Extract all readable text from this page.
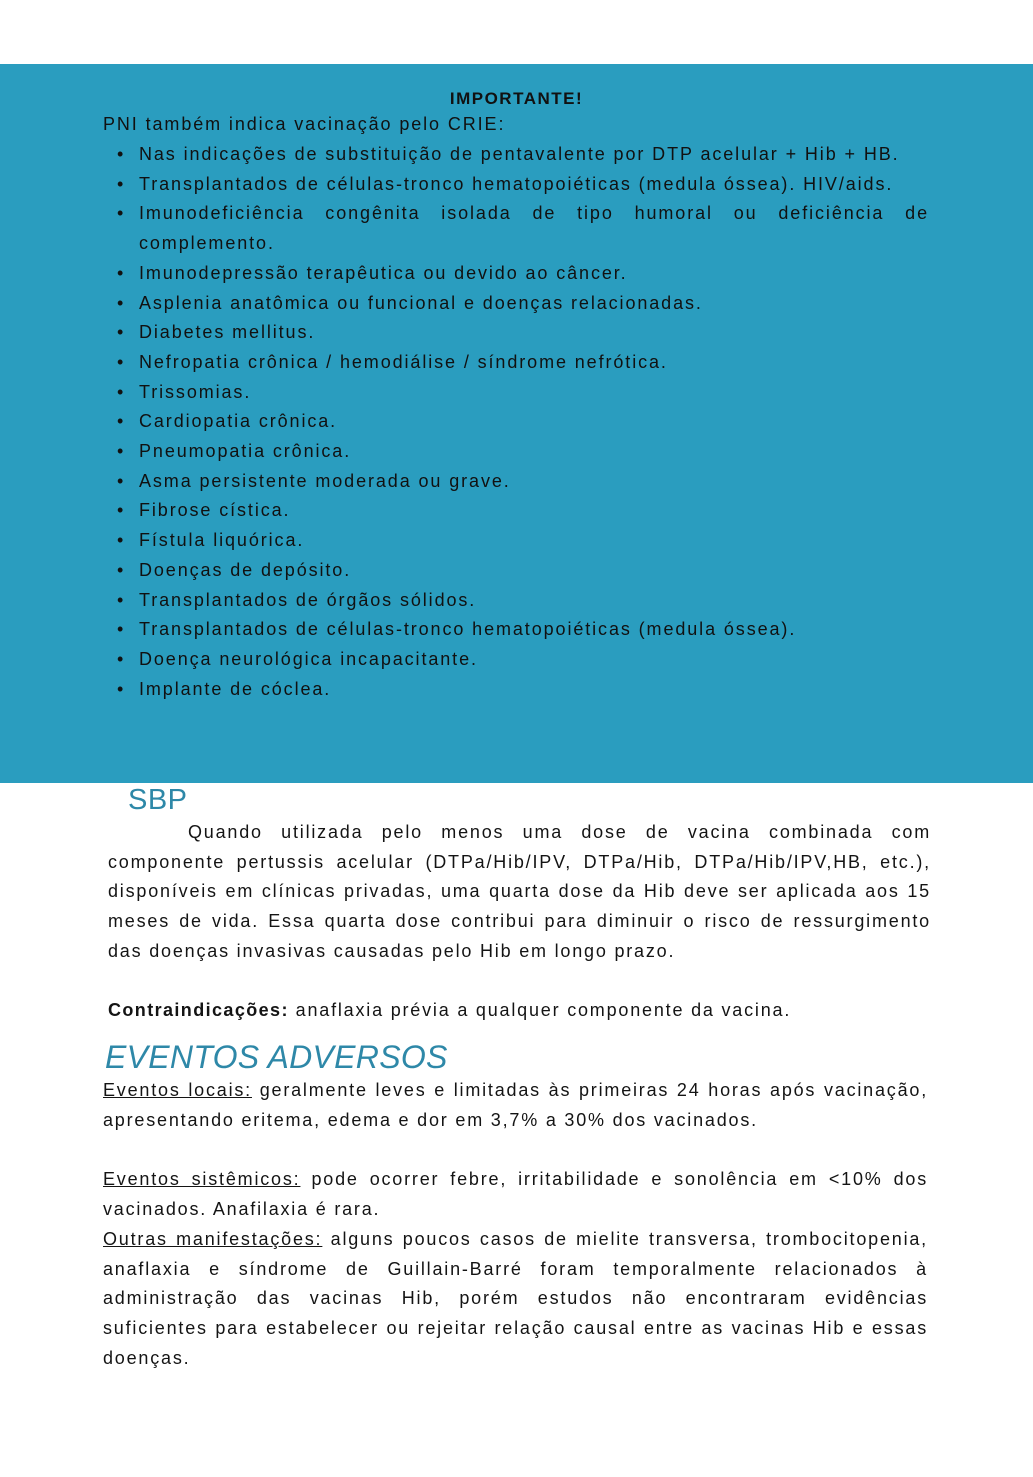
IMPORTANTE!
PNI também indica vacinação pelo CRIE:
• Nas indicações de substituição de pentavalente por DTP acelular + Hib + HB.
• Transplantados de células-tronco hematopoiéticas (medula óssea). HIV/aids.
• Imunodeficiência congênita isolada de tipo humoral ou deficiência de complemento.
• Imunodepressão terapêutica ou devido ao câncer.
• Asplenia anatômica ou funcional e doenças relacionadas.
• Diabetes mellitus.
• Nefropatia crônica / hemodiálise / síndrome nefrótica.
• Trissomias.
• Cardiopatia crônica.
• Pneumopatia crônica.
• Asma persistente moderada ou grave.
• Fibrose cística.
• Fístula liquórica.
• Doenças de depósito.
• Transplantados de órgãos sólidos.
• Transplantados de células-tronco hematopoiéticas (medula óssea).
• Doença neurológica incapacitante.
• Implante de cóclea.
SBP

Quando utilizada pelo menos uma dose de vacina combinada com componente pertussis acelular (DTPa/Hib/IPV, DTPa/Hib, DTPa/Hib/IPV,HB, etc.), disponíveis em clínicas privadas, uma quarta dose da Hib deve ser aplicada aos 15 meses de vida. Essa quarta dose contribui para diminuir o risco de ressurgimento das doenças invasivas causadas pelo Hib em longo prazo.

Contraindicações: anaflaxia prévia a qualquer componente da vacina.
EVENTOS ADVERSOS

Eventos locais: geralmente leves e limitadas às primeiras 24 horas após vacinação, apresentando eritema, edema e dor em 3,7% a 30% dos vacinados.

Eventos sistêmicos: pode ocorrer febre, irritabilidade e sonolência em <10% dos vacinados. Anafilaxia é rara.

Outras manifestações: alguns poucos casos de mielite transversa, trombocitopenia, anaflaxia e síndrome de Guillain-Barré foram temporalmente relacionados à administração das vacinas Hib, porém estudos não encontraram evidências suficientes para estabelecer ou rejeitar relação causal entre as vacinas Hib e essas doenças.
